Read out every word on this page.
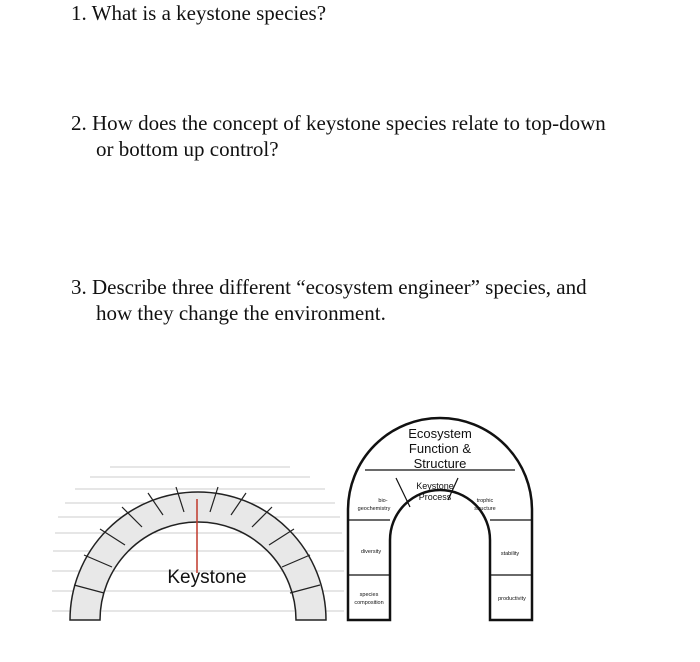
1. What is a keystone species?

2. How does the concept of keystone species relate to top-down
or bottom up control?

3. Describe three different “ecosystem engineer” species, and
how they change the environment.

Keystone
Ecosystem
Function &
Structure
Keystone
Process
bio-
geochemistry
trophic
structure
diversity	stability
species
composition
productivity
